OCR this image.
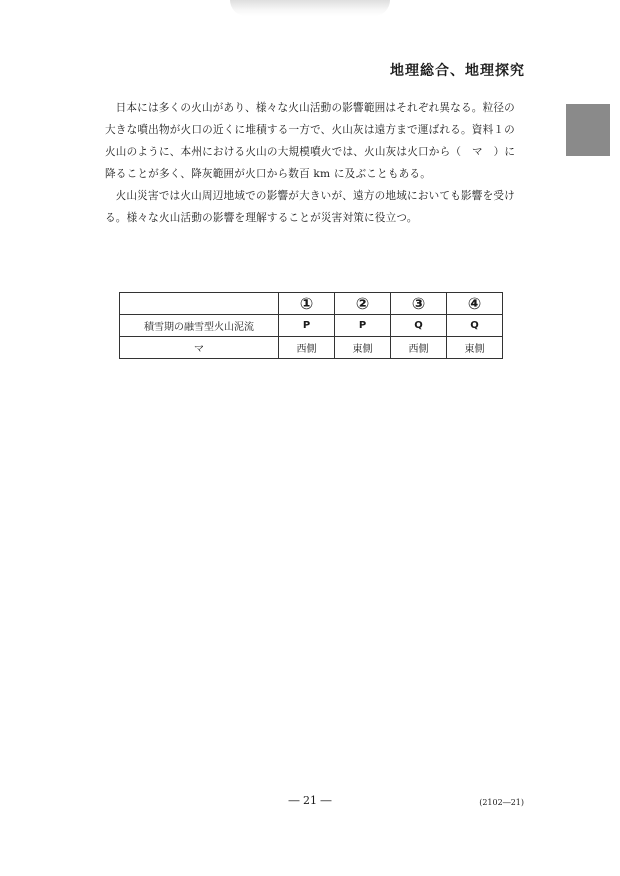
地理総合、地理探究

日本には多くの火山があり、様々な火山活動の影響範囲はそれぞれ異なる。粒径の大きな噴出物が火口の近くに堆積する一方で、火山灰は遠方まで運ばれる。資料１の火山のように、本州における火山の大規模噴火では、火山灰は火口から（　マ　）に降ることが多く、降灰範囲が火口から数百 km に及ぶこともある。

火山災害では火山周辺地域での影響が大きいが、遠方の地域においても影響を受ける。様々な火山活動の影響を理解することが災害対策に役立つ。

	①	②	③	④
積雪期の融雪型火山泥流	P	P	Q	Q
マ	西側	東側	西側	東側
― 21 ―	(2102―21)
